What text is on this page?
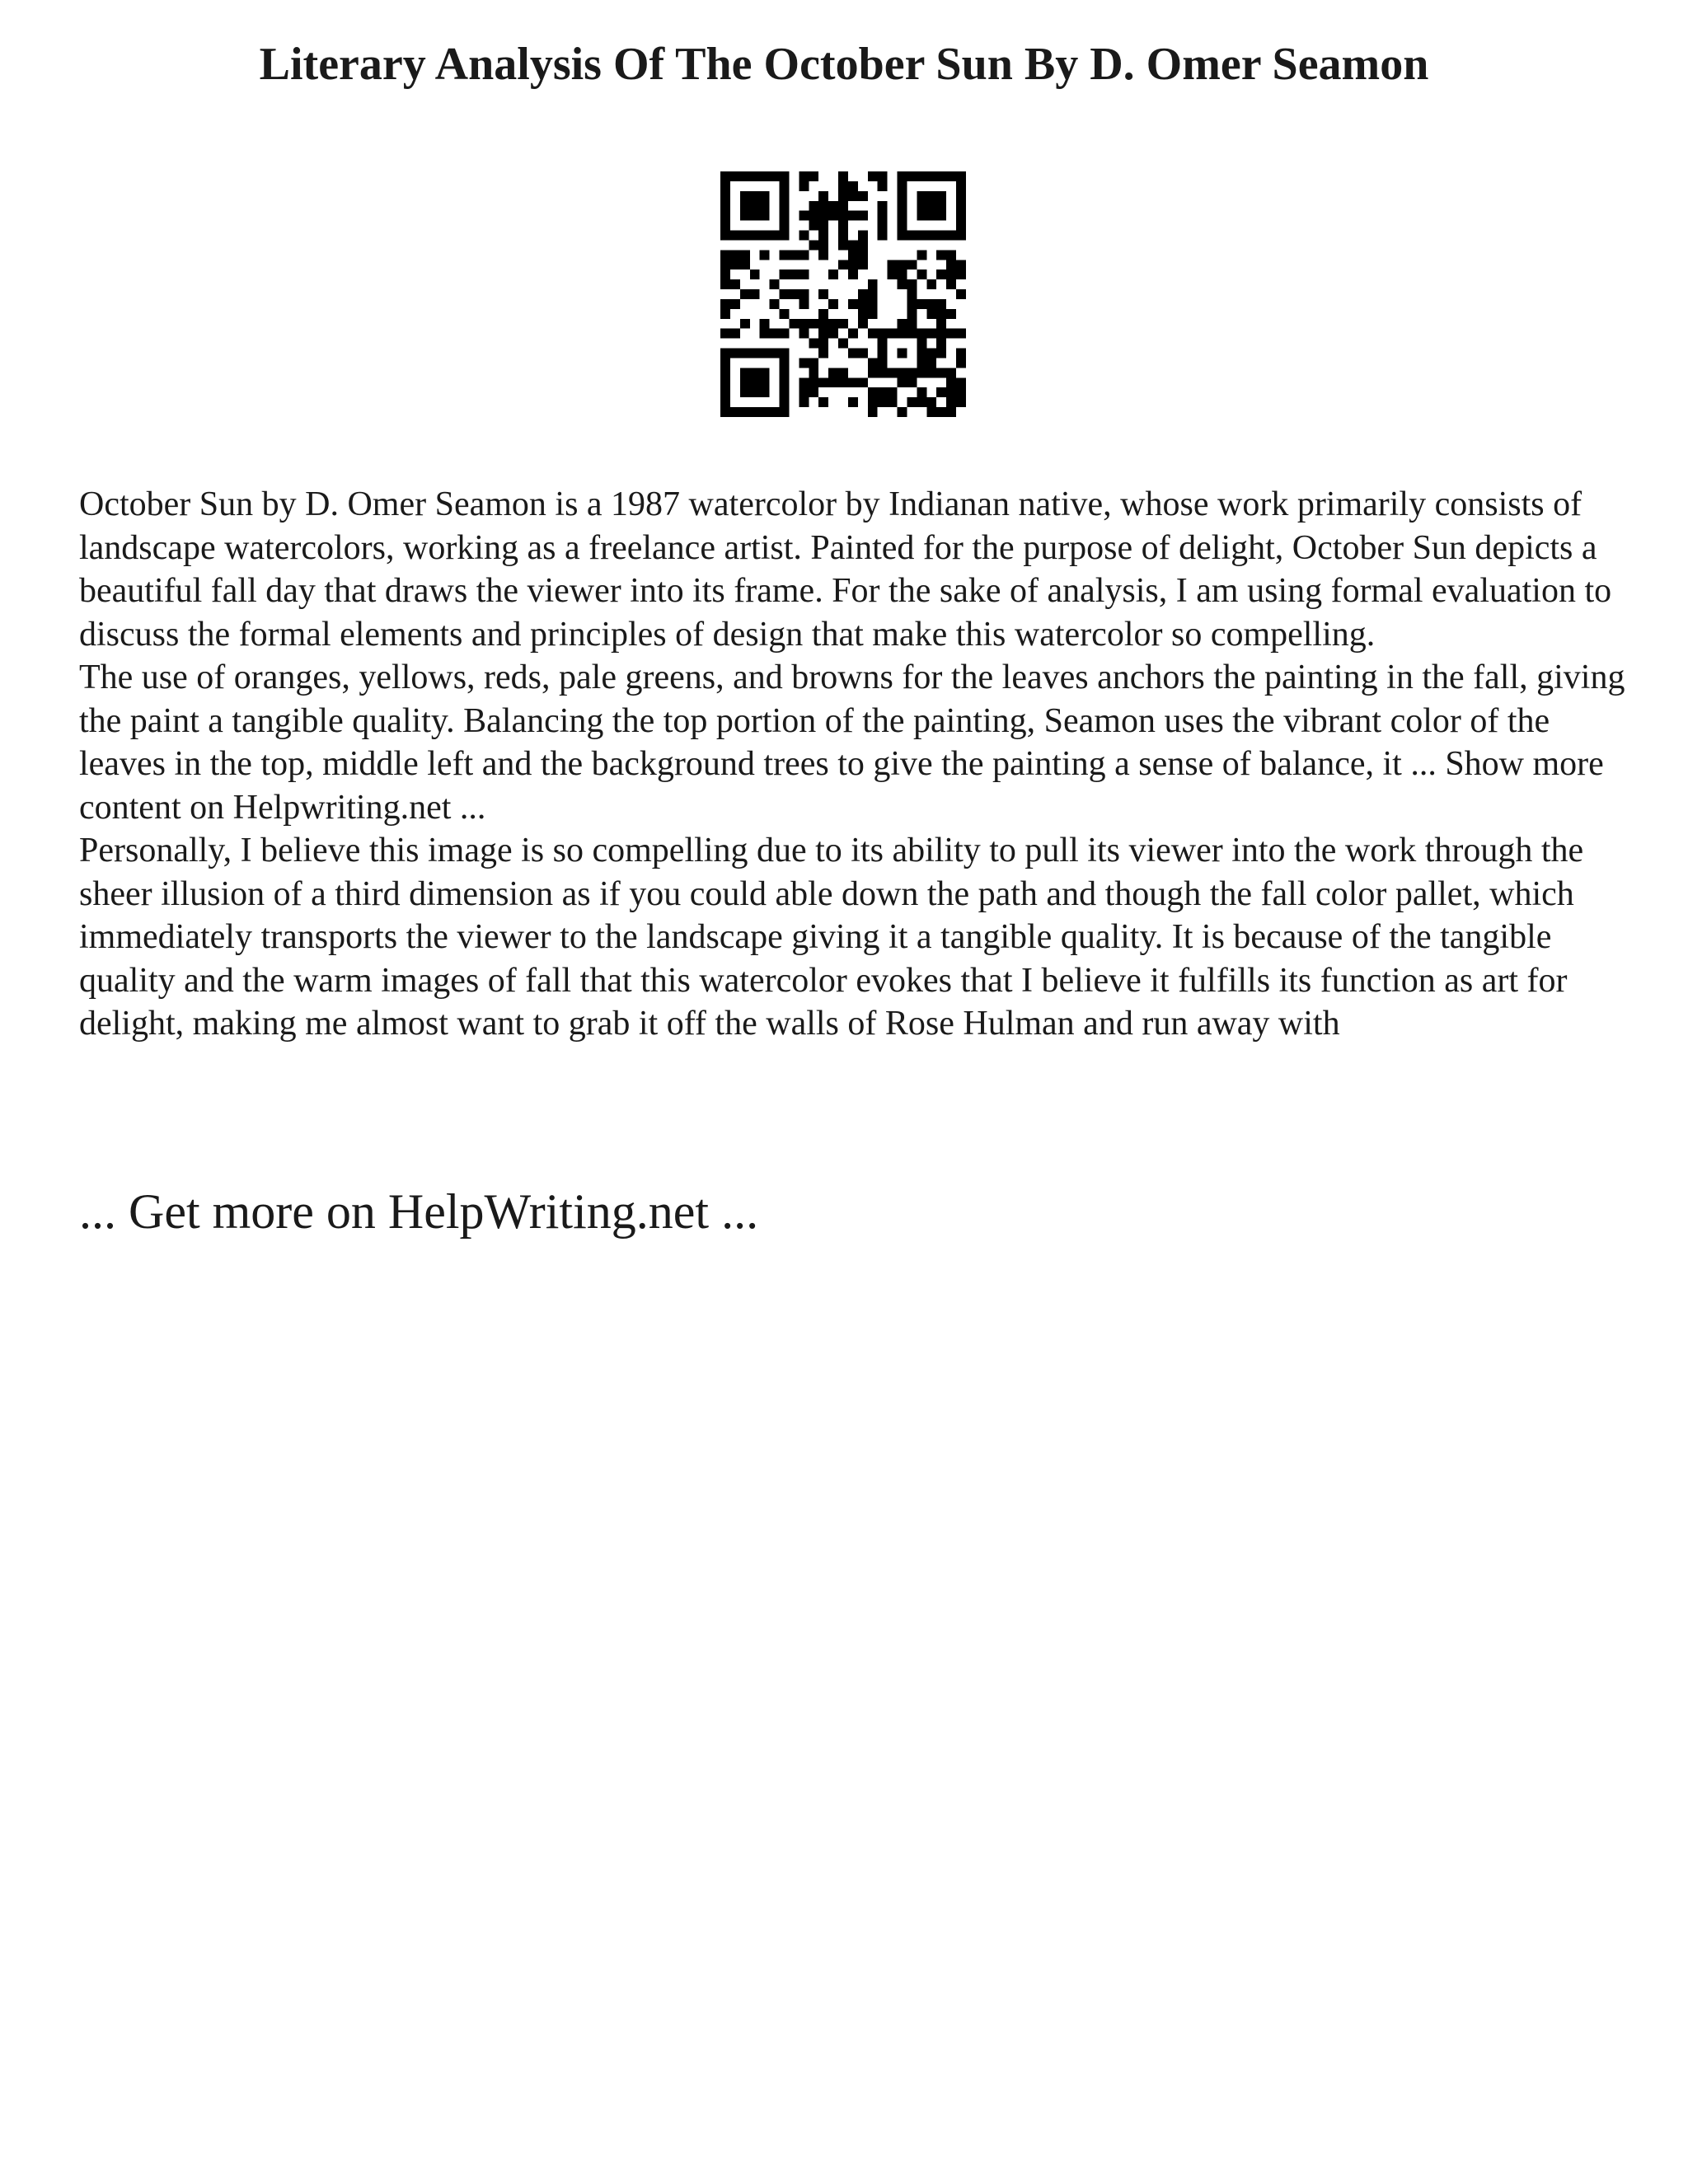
Literary Analysis Of The October Sun By D. Omer Seamon

October Sun by D. Omer Seamon is a 1987 watercolor by Indianan native, whose work primarily consists of landscape watercolors, working as a freelance artist. Painted for the purpose of delight, October Sun depicts a beautiful fall day that draws the viewer into its frame. For the sake of analysis, I am using formal evaluation to discuss the formal elements and principles of design that make this watercolor so compelling.

The use of oranges, yellows, reds, pale greens, and browns for the leaves anchors the painting in the fall, giving the paint a tangible quality. Balancing the top portion of the painting, Seamon uses the vibrant color of the leaves in the top, middle left and the background trees to give the painting a sense of balance, it ... Show more content on Helpwriting.net ...

Personally, I believe this image is so compelling due to its ability to pull its viewer into the work through the sheer illusion of a third dimension as if you could able down the path and though the fall color pallet, which immediately transports the viewer to the landscape giving it a tangible quality. It is because of the tangible quality and the warm images of fall that this watercolor evokes that I believe it fulfills its function as art for delight, making me almost want to grab it off the walls of Rose Hulman and run away with

... Get more on HelpWriting.net ...
